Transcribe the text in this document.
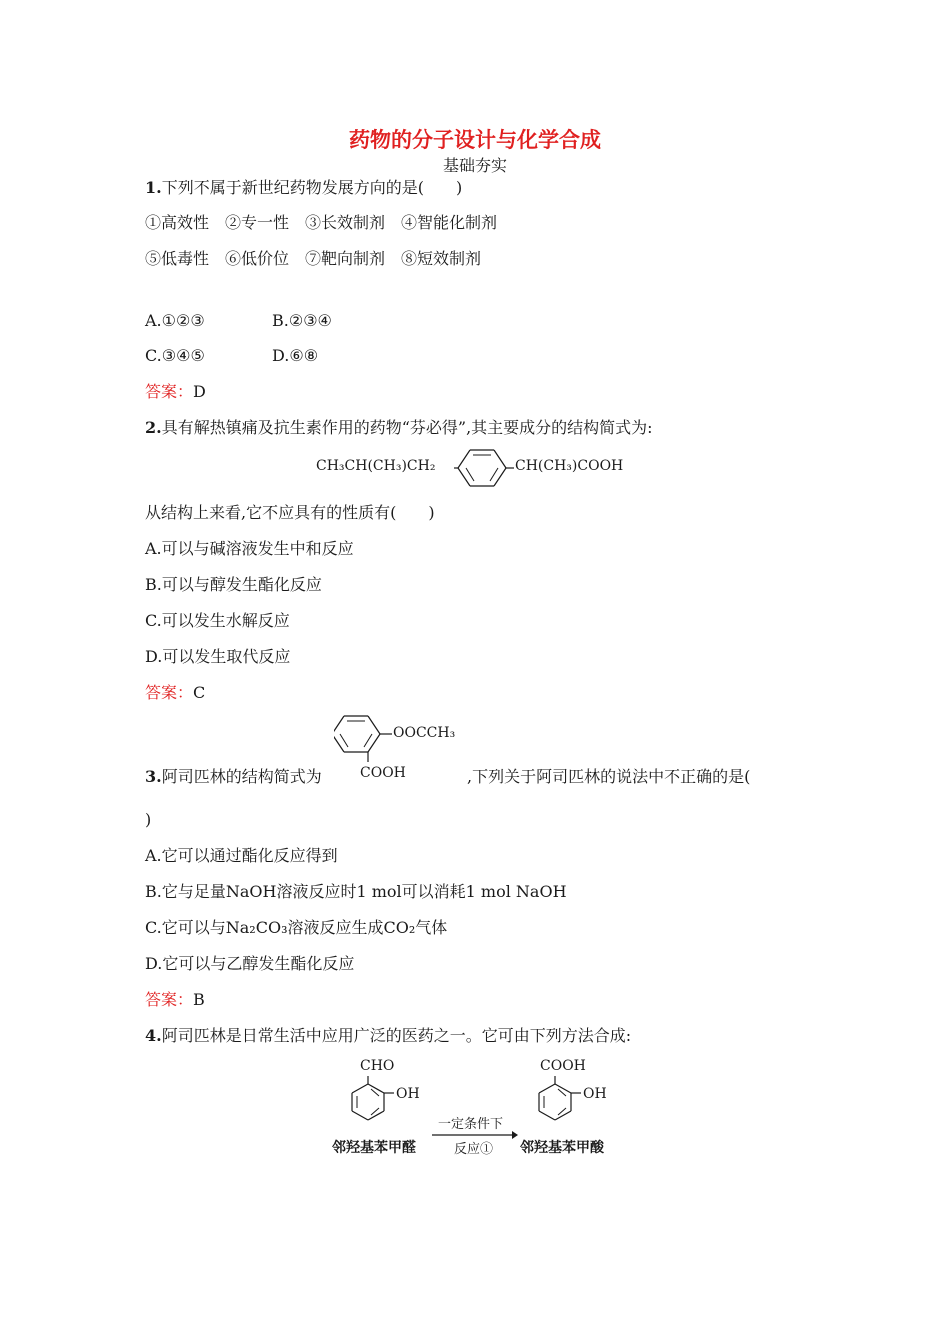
药物的分子设计与化学合成
基础夯实
1.下列不属于新世纪药物发展方向的是(　　)
①高效性　②专一性　③长效制剂　④智能化制剂
⑤低毒性　⑥低价位　⑦靶向制剂　⑧短效制剂
A.①②③	B.②③④
C.③④⑤	D.⑥⑧
答案：D
2.具有解热镇痛及抗生素作用的药物“芬必得”,其主要成分的结构简式为:
CH₃CH(CH₃)CH₂	CH(CH₃)COOH
从结构上来看,它不应具有的性质有(　　)
A.可以与碱溶液发生中和反应
B.可以与醇发生酯化反应
C.可以发生水解反应
D.可以发生取代反应
答案：C
OOCCH₃
COOH
3.阿司匹林的结构简式为	,下列关于阿司匹林的说法中不正确的是(
)
A.它可以通过酯化反应得到
B.它与足量NaOH溶液反应时1 mol可以消耗1 mol NaOH
C.它可以与Na₂CO₃溶液反应生成CO₂气体
D.它可以与乙醇发生酯化反应
答案：B
4.阿司匹林是日常生活中应用广泛的医药之一。它可由下列方法合成:
CHO
OH
邻羟基苯甲醛
一定条件下
反应①
COOH
OH
邻羟基苯甲酸
